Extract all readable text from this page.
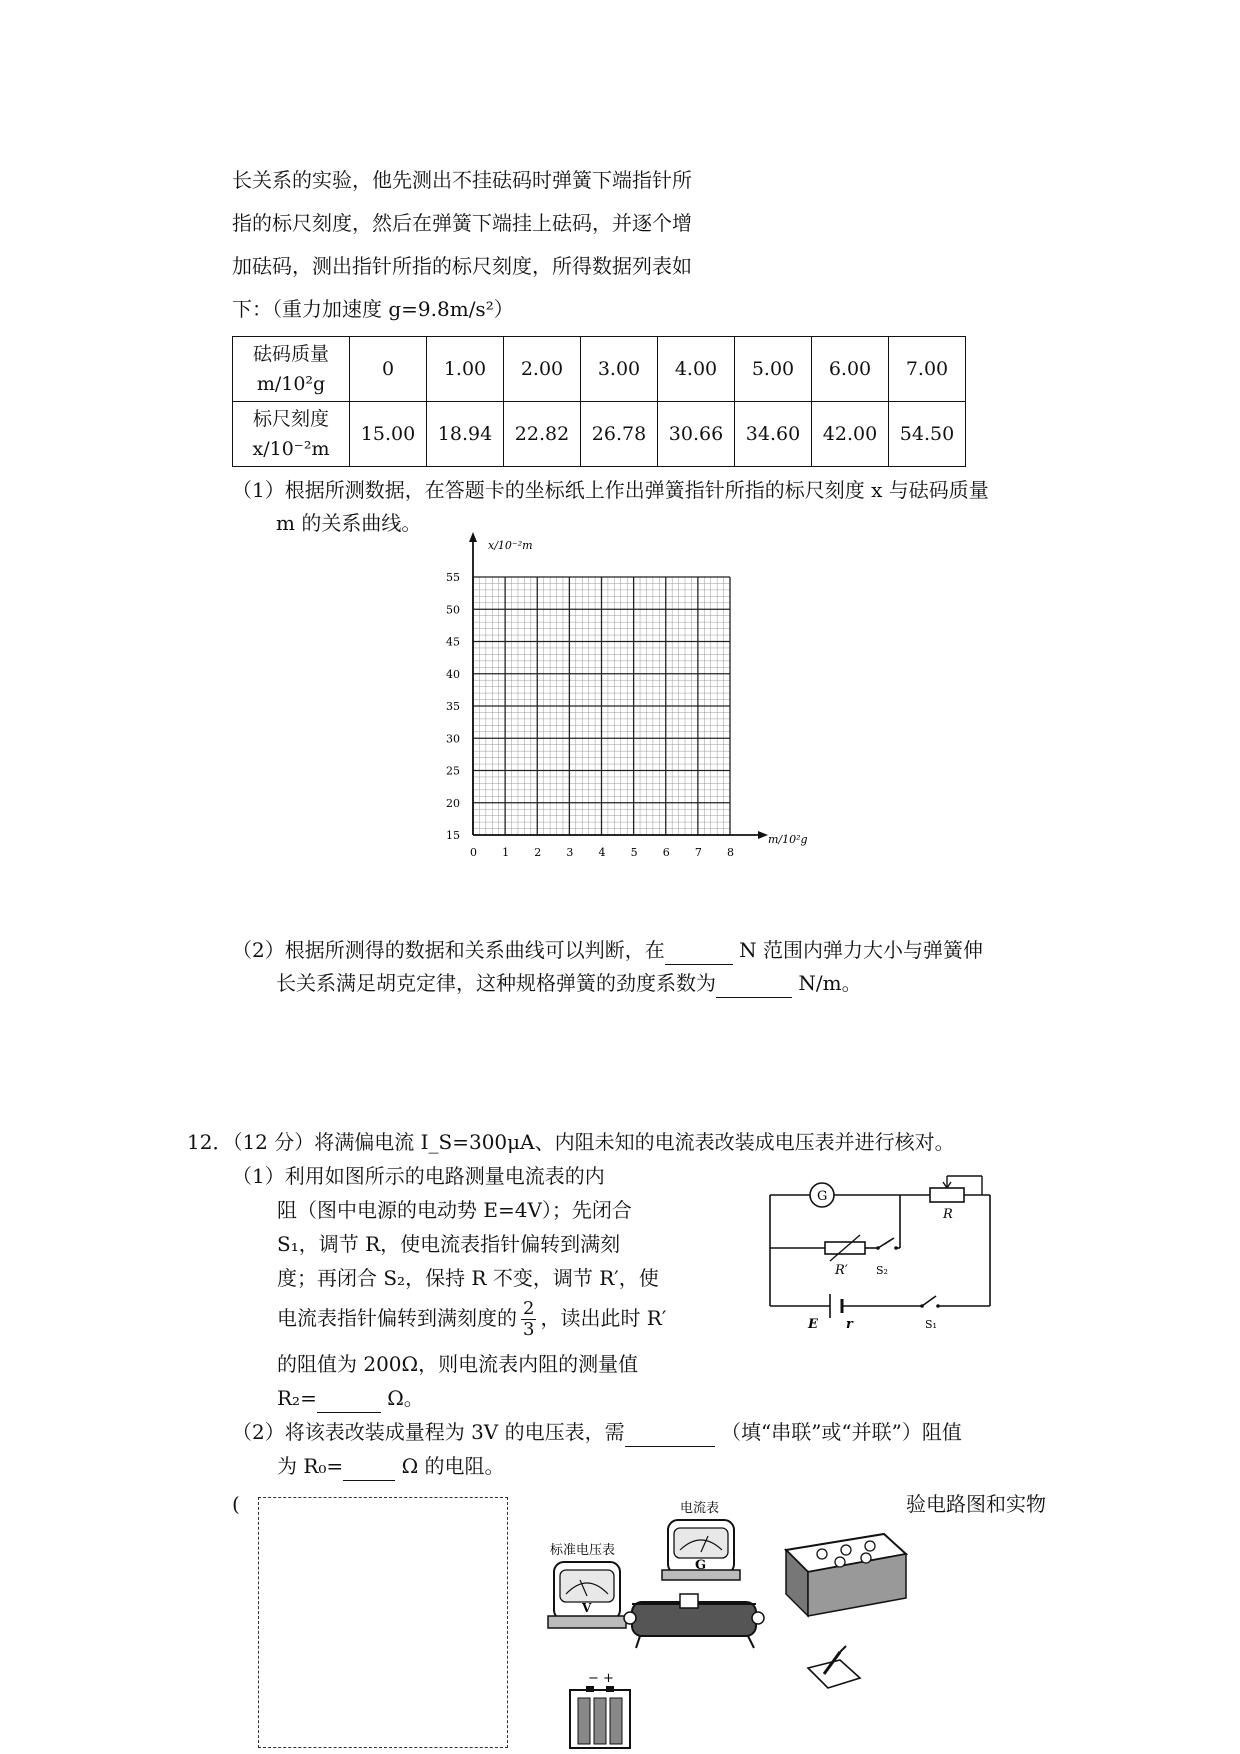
长关系的实验，他先测出不挂砝码时弹簧下端指针所
指的标尺刻度，然后在弹簧下端挂上砝码，并逐个增
加砝码，测出指针所指的标尺刻度，所得数据列表如
下：（重力加速度 g=9.8m/s²）
砝码质量
m/10²g	0	1.00	2.00	3.00	4.00	5.00	6.00	7.00

标尺刻度
x/10⁻²m	15.00	18.94	22.82	26.78	30.66	34.60	42.00	54.50
（1）根据所测数据，在答题卡的坐标纸上作出弹簧指针所指的标尺刻度 x 与砝码质量
m 的关系曲线。
15
20
25
30
35
40
45
50
55
0 1 2 3 4 5 6 7 8
x/10⁻²m
m/10²g
（2）根据所测得的数据和关系曲线可以判断，在	N 范围内弹力大小与弹簧伸
长关系满足胡克定律，这种规格弹簧的劲度系数为	N/m。
12．（12 分）将满偏电流 I_S=300μA、内阻未知的电流表改装成电压表并进行核对。
（1）利用如图所示的电路测量电流表的内
阻（图中电源的电动势 E=4V）；先闭合
S₁，调节 R，使电流表指针偏转到满刻
度；再闭合 S₂，保持 R 不变，调节 R′，使
电流表指针偏转到满刻度的 $\frac{2}{3}$ ，读出此时 R′
的阻值为 200Ω，则电流表内阻的测量值
R₂=	Ω。
（2）将该表改装成量程为 3V 的电压表，需	（填“串联”或“并联”）阻值
为 R₀=	Ω 的电阻。
(	验电路图和实物
G
R
R′	S₂
E r	S₁
电流表
G
标准电压表
V
− +
